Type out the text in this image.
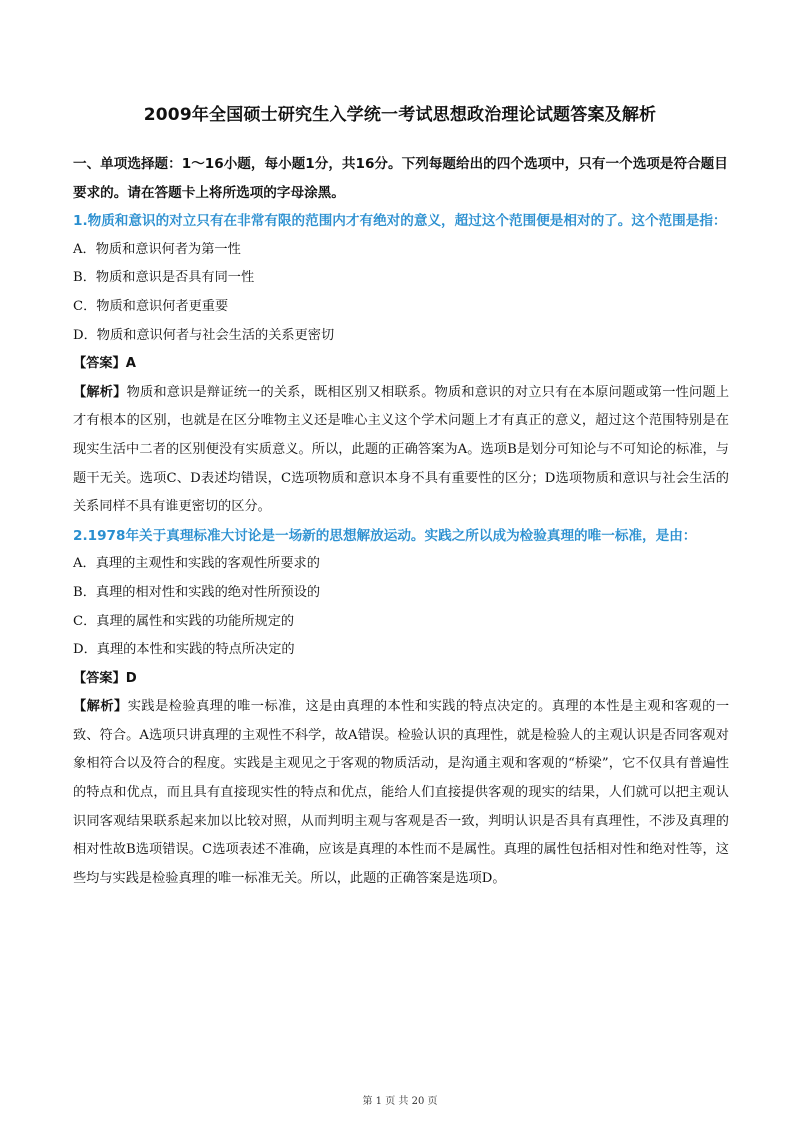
2009年全国硕士研究生入学统一考试思想政治理论试题答案及解析

一、单项选择题：1～16小题，每小题1分，共16分。下列每题给出的四个选项中，只有一个选项是符合题目要求的。请在答题卡上将所选项的字母涂黑。

1.物质和意识的对立只有在非常有限的范围内才有绝对的意义，超过这个范围便是相对的了。这个范围是指：

A．物质和意识何者为第一性

B．物质和意识是否具有同一性

C．物质和意识何者更重要

D．物质和意识何者与社会生活的关系更密切

【答案】A

【解析】物质和意识是辩证统一的关系，既相区别又相联系。物质和意识的对立只有在本原问题或第一性问题上才有根本的区别，也就是在区分唯物主义还是唯心主义这个学术问题上才有真正的意义，超过这个范围特别是在现实生活中二者的区别便没有实质意义。所以，此题的正确答案为A。选项B是划分可知论与不可知论的标准，与题干无关。选项C、D表述均错误，C选项物质和意识本身不具有重要性的区分；D选项物质和意识与社会生活的关系同样不具有谁更密切的区分。

2.1978年关于真理标准大讨论是一场新的思想解放运动。实践之所以成为检验真理的唯一标准，是由：

A．真理的主观性和实践的客观性所要求的

B．真理的相对性和实践的绝对性所预设的

C．真理的属性和实践的功能所规定的

D．真理的本性和实践的特点所决定的

【答案】D

【解析】实践是检验真理的唯一标准，这是由真理的本性和实践的特点决定的。真理的本性是主观和客观的一致、符合。A选项只讲真理的主观性不科学，故A错误。检验认识的真理性，就是检验人的主观认识是否同客观对象相符合以及符合的程度。实践是主观见之于客观的物质活动，是沟通主观和客观的“桥梁”，它不仅具有普遍性的特点和优点，而且具有直接现实性的特点和优点，能给人们直接提供客观的现实的结果，人们就可以把主观认识同客观结果联系起来加以比较对照，从而判明主观与客观是否一致，判明认识是否具有真理性，不涉及真理的相对性故B选项错误。C选项表述不准确，应该是真理的本性而不是属性。真理的属性包括相对性和绝对性等，这些均与实践是检验真理的唯一标准无关。所以，此题的正确答案是选项D。

第 1 页 共 20 页
